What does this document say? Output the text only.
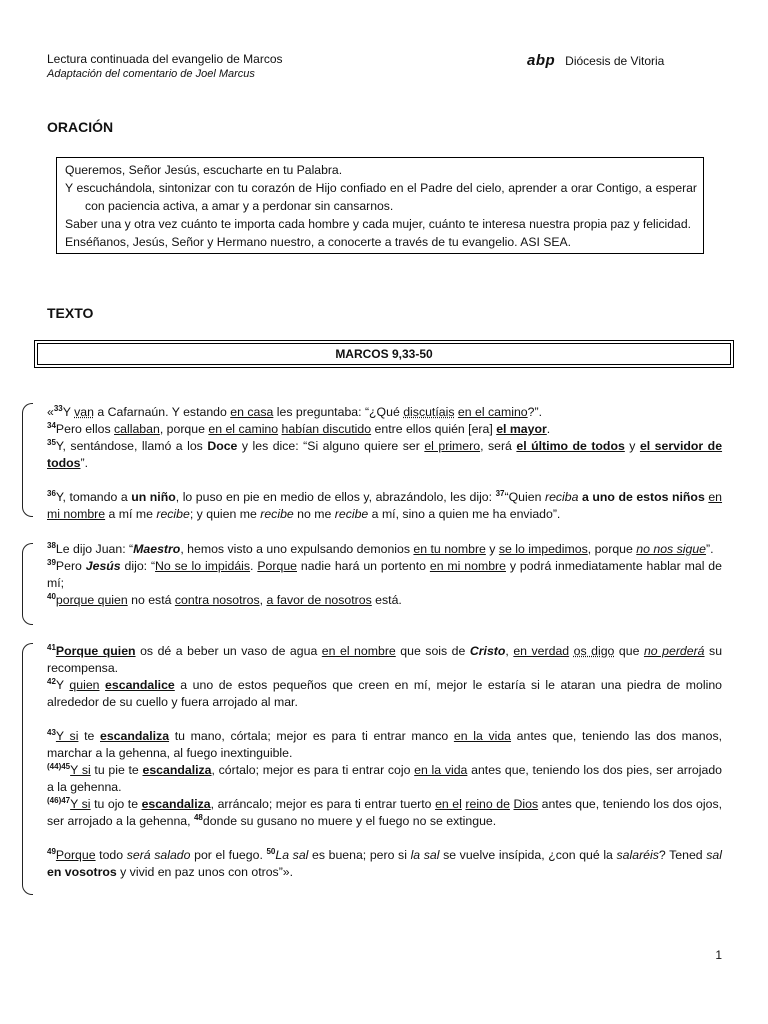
Lectura continuada del evangelio de Marcos
Adaptación del comentario de Joel Marcus
abp Diócesis de Vitoria
ORACIÓN

Queremos, Señor Jesús, escucharte en tu Palabra.

Y escuchándola, sintonizar con tu corazón de Hijo confiado en el Padre del cielo, aprender a orar Contigo, a esperar con paciencia activa, a amar y a perdonar sin cansarnos.

Saber una y otra vez cuánto te importa cada hombre y cada mujer, cuánto te interesa nuestra propia paz y felicidad.

Enséñanos, Jesús, Señor y Hermano nuestro, a conocerte a través de tu evangelio. ASI SEA.

TEXTO
MARCOS 9,33-50

«$^{33}$Y van a Cafarnaún. Y estando en casa les preguntaba: “¿Qué discutíais en el camino?”.

$^{34}$Pero ellos callaban, porque en el camino habían discutido entre ellos quién [era] el mayor.

$^{35}$Y, sentándose, llamó a los Doce y les dice: “Si alguno quiere ser el primero, será el último de todos y el servidor de todos”.

$^{36}$Y, tomando a un niño, lo puso en pie en medio de ellos y, abrazándolo, les dijo: $^{37}$“Quien reciba a uno de estos niños en mi nombre a mí me recibe; y quien me recibe no me recibe a mí, sino a quien me ha enviado”.

$^{38}$Le dijo Juan: “Maestro, hemos visto a uno expulsando demonios en tu nombre y se lo impedimos, porque no nos sigue”.

$^{39}$Pero Jesús dijo: “No se lo impidáis. Porque nadie hará un portento en mi nombre y podrá inmediatamente hablar mal de mí;

$^{40}$porque quien no está contra nosotros, a favor de nosotros está.

$^{41}$Porque quien os dé a beber un vaso de agua en el nombre que sois de Cristo, en verdad os digo que no perderá su recompensa.

$^{42}$Y quien escandalice a uno de estos pequeños que creen en mí, mejor le estaría si le ataran una piedra de molino alrededor de su cuello y fuera arrojado al mar.

$^{43}$Y si te escandaliza tu mano, córtala; mejor es para ti entrar manco en la vida antes que, teniendo las dos manos, marchar a la gehenna, al fuego inextinguible.

$^{(44)45}$Y si tu pie te escandaliza, córtalo; mejor es para ti entrar cojo en la vida antes que, teniendo los dos pies, ser arrojado a la gehenna.

$^{(46)47}$Y si tu ojo te escandaliza, arráncalo; mejor es para ti entrar tuerto en el reino de Dios antes que, teniendo los dos ojos, ser arrojado a la gehenna, $^{48}$donde su gusano no muere y el fuego no se extingue.

$^{49}$Porque todo será salado por el fuego. $^{50}$La sal es buena; pero si la sal se vuelve insípida, ¿con qué la salaréis? Tened sal en vosotros y vivid en paz unos con otros”».

1
